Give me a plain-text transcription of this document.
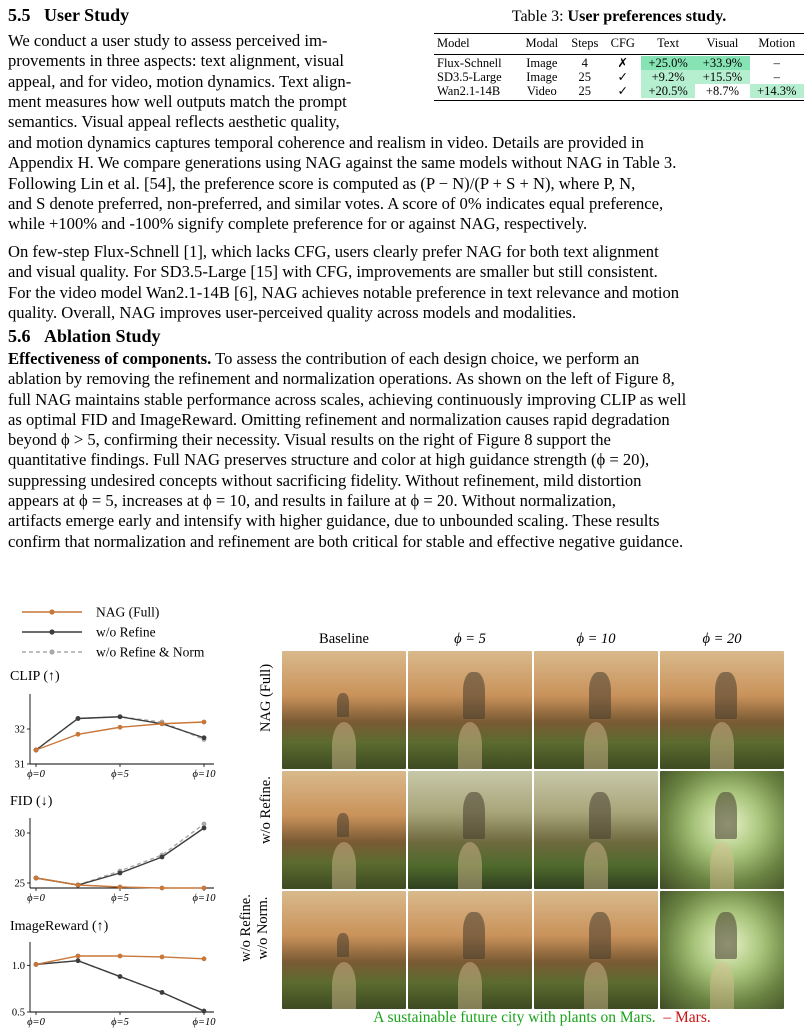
5.5 User Study
We conduct a user study to assess perceived im-
provements in three aspects: text alignment, visual
appeal, and for video, motion dynamics. Text align-
ment measures how well outputs match the prompt
semantics. Visual appeal reflects aesthetic quality,
Table 3: User preferences study.
Model	Modal	Steps	CFG	Text	Visual	Motion

Flux-Schnell	Image	4	✗	+25.0%	+33.9%	–
SD3.5-Large	Image	25	✓	+9.2%	+15.5%	–
Wan2.1-14B	Video	25	✓	+20.5%	+8.7%	+14.3%
and motion dynamics captures temporal coherence and realism in video. Details are provided in
Appendix H. We compare generations using NAG against the same models without NAG in Table 3.
Following Lin et al. [54], the preference score is computed as (P − N)/(P + S + N), where P, N,
and S denote preferred, non-preferred, and similar votes. A score of 0% indicates equal preference,
while +100% and -100% signify complete preference for or against NAG, respectively.
On few-step Flux-Schnell [1], which lacks CFG, users clearly prefer NAG for both text alignment
and visual quality. For SD3.5-Large [15] with CFG, improvements are smaller but still consistent.
For the video model Wan2.1-14B [6], NAG achieves notable preference in text relevance and motion
quality. Overall, NAG improves user-perceived quality across models and modalities.
5.6 Ablation Study
Effectiveness of components. To assess the contribution of each design choice, we perform an
ablation by removing the refinement and normalization operations. As shown on the left of Figure 8,
full NAG maintains stable performance across scales, achieving continuously improving CLIP as well
as optimal FID and ImageReward. Omitting refinement and normalization causes rapid degradation
beyond ϕ > 5, confirming their necessity. Visual results on the right of Figure 8 support the
quantitative findings. Full NAG preserves structure and color at high guidance strength (ϕ = 20),
suppressing undesired concepts without sacrificing fidelity. Without refinement, mild distortion
appears at ϕ = 5, increases at ϕ = 10, and results in failure at ϕ = 20. Without normalization,
artifacts emerge early and intensify with higher guidance, due to unbounded scaling. These results
confirm that normalization and refinement are both critical for stable and effective negative guidance.
NAG (Full)
w/o Refine
w/o Refine & Norm
CLIP (↑)
31
32
ϕ=0	ϕ=5	ϕ=10
FID (↓)
25
30
ϕ=0	ϕ=5	ϕ=10
ImageReward (↑)
0.5
1.0
ϕ=0	ϕ=5	ϕ=10
Baseline	ϕ = 5	ϕ = 10	ϕ = 20
NAG (Full)
w/o Refine.
w/o Refine.
w/o Norm.
A sustainable future city with plants on Mars. – Mars.
